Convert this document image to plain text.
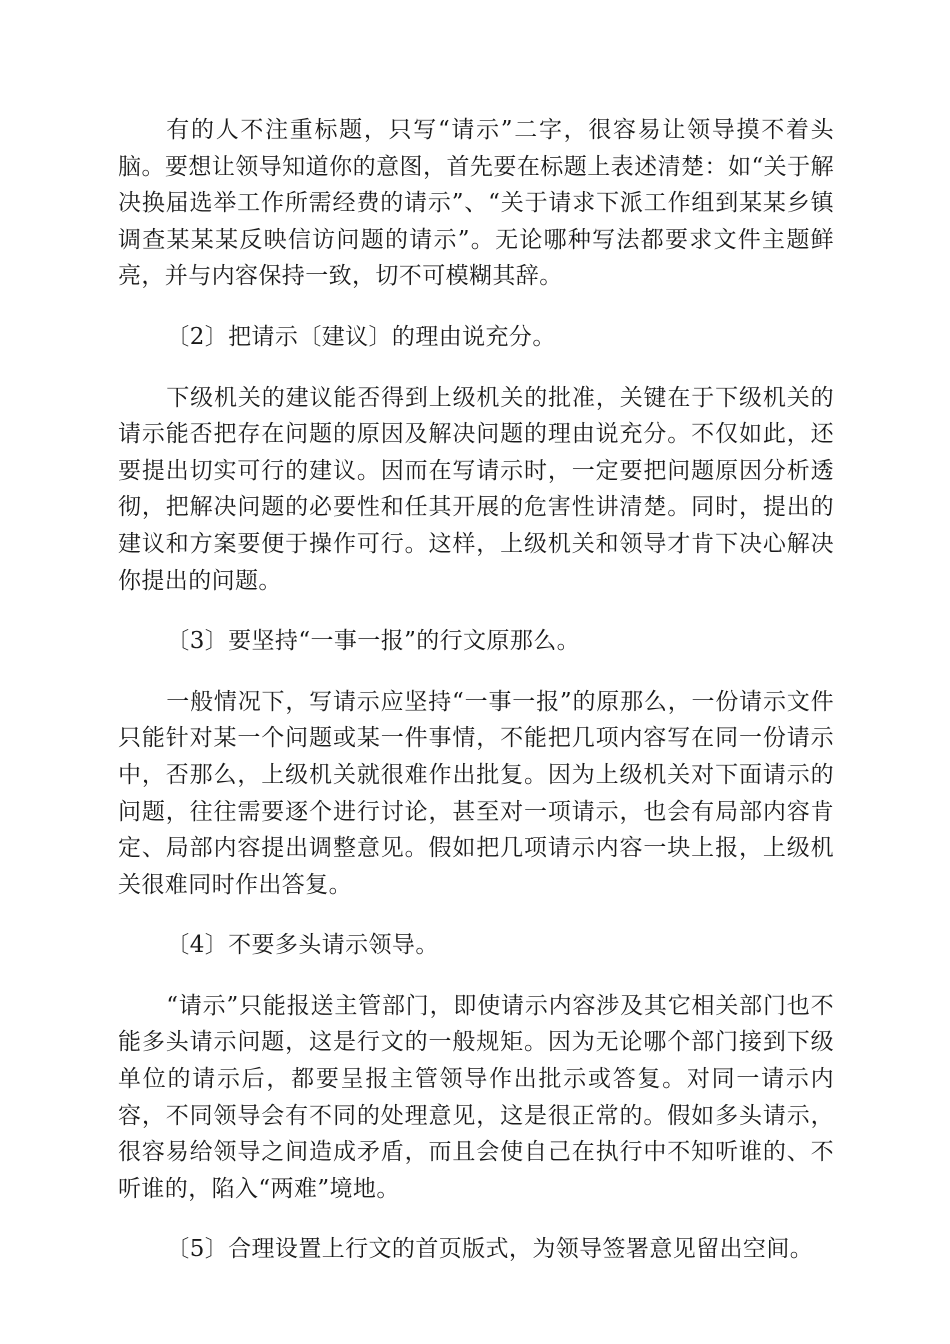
有的人不注重标题，只写“请示”二字，很容易让领导摸不着头脑。要想让领导知道你的意图，首先要在标题上表述清楚：如“关于解决换届选举工作所需经费的请示”、“关于请求下派工作组到某某乡镇调查某某某反映信访问题的请示”。无论哪种写法都要求文件主题鲜亮，并与内容保持一致，切不可模糊其辞。

〔2〕把请示〔建议〕的理由说充分。

下级机关的建议能否得到上级机关的批准，关键在于下级机关的请示能否把存在问题的原因及解决问题的理由说充分。不仅如此，还要提出切实可行的建议。因而在写请示时，一定要把问题原因分析透彻，把解决问题的必要性和任其开展的危害性讲清楚。同时，提出的建议和方案要便于操作可行。这样，上级机关和领导才肯下决心解决你提出的问题。

〔3〕要坚持“一事一报”的行文原那么。

一般情况下，写请示应坚持“一事一报”的原那么，一份请示文件只能针对某一个问题或某一件事情，不能把几项内容写在同一份请示中，否那么，上级机关就很难作出批复。因为上级机关对下面请示的问题，往往需要逐个进行讨论，甚至对一项请示，也会有局部内容肯定、局部内容提出调整意见。假如把几项请示内容一块上报，上级机关很难同时作出答复。

〔4〕不要多头请示领导。

“请示”只能报送主管部门，即使请示内容涉及其它相关部门也不能多头请示问题，这是行文的一般规矩。因为无论哪个部门接到下级单位的请示后，都要呈报主管领导作出批示或答复。对同一请示内容，不同领导会有不同的处理意见，这是很正常的。假如多头请示，很容易给领导之间造成矛盾，而且会使自己在执行中不知听谁的、不听谁的，陷入“两难”境地。

〔5〕合理设置上行文的首页版式，为领导签署意见留出空间。
